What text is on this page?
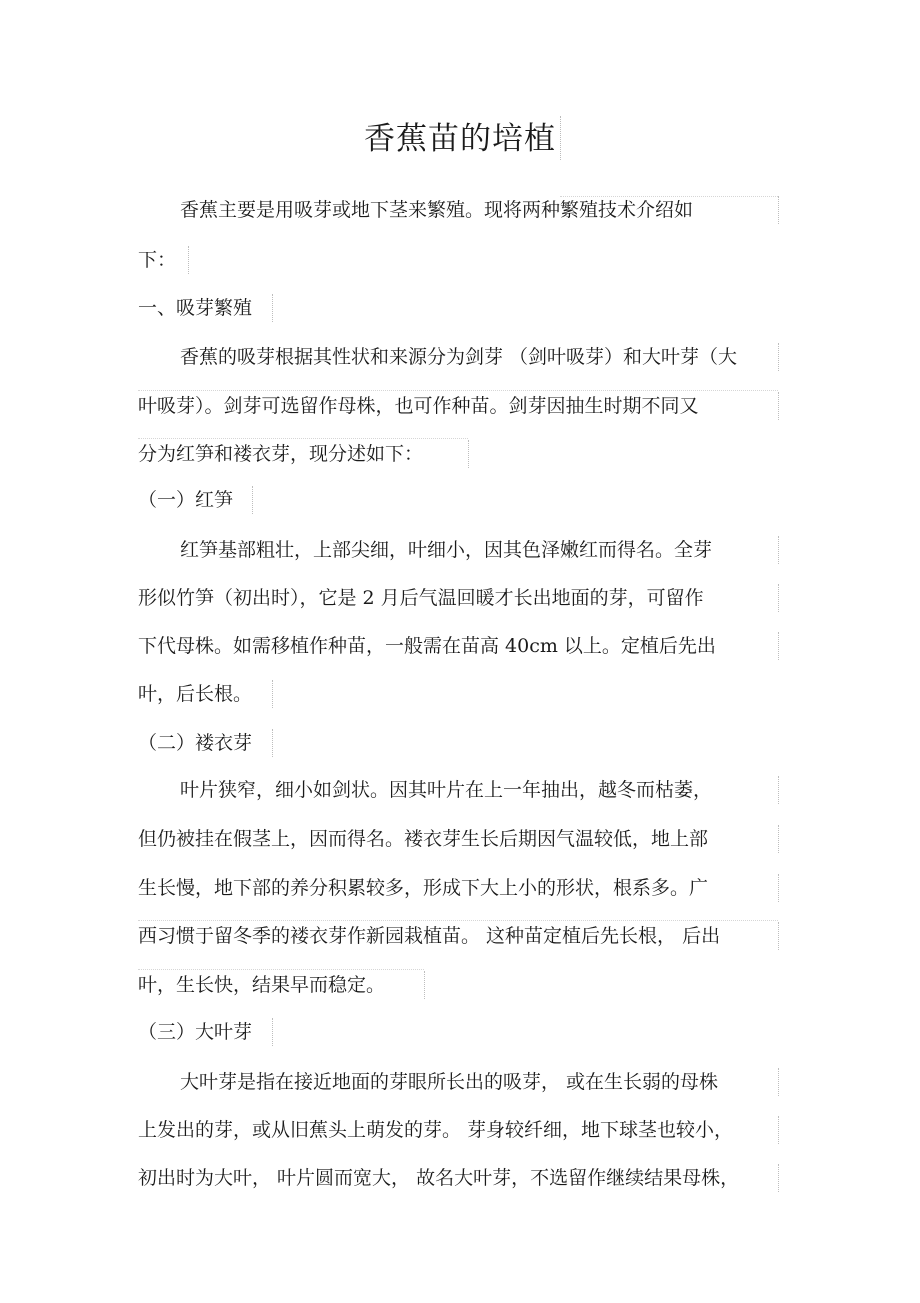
香蕉苗的培植
香蕉主要是用吸芽或地下茎来繁殖。现将两种繁殖技术介绍如
下：
一、吸芽繁殖
香蕉的吸芽根据其性状和来源分为剑芽 （剑叶吸芽）和大叶芽（大
叶吸芽）。剑芽可选留作母株，也可作种苗。剑芽因抽生时期不同又
分为红笋和褛衣芽，现分述如下：
（一）红笋
红笋基部粗壮，上部尖细，叶细小，因其色泽嫩红而得名。全芽
形似竹笋（初出时），它是 2 月后气温回暖才长出地面的芽，可留作
下代母株。如需移植作种苗，一般需在苗高 40cm 以上。定植后先出
叶，后长根。
（二）褛衣芽
叶片狭窄，细小如剑状。因其叶片在上一年抽出，越冬而枯萎，
但仍被挂在假茎上，因而得名。褛衣芽生长后期因气温较低，地上部
生长慢，地下部的养分积累较多，形成下大上小的形状，根系多。广
西习惯于留冬季的褛衣芽作新园栽植苗。 这种苗定植后先长根， 后出
叶，生长快，结果早而稳定。
（三）大叶芽
大叶芽是指在接近地面的芽眼所长出的吸芽， 或在生长弱的母株
上发出的芽，或从旧蕉头上萌发的芽。 芽身较纤细，地下球茎也较小，
初出时为大叶， 叶片圆而宽大， 故名大叶芽，不选留作继续结果母株，
